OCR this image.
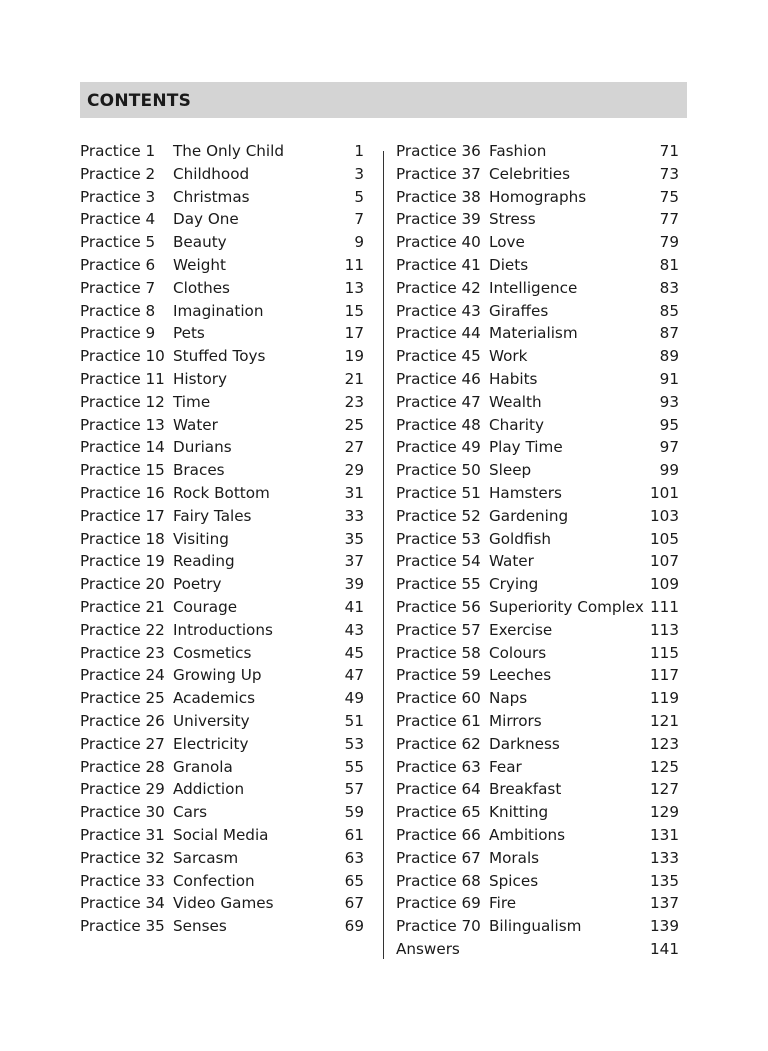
CONTENTS
Practice 1 The Only Child	1
Practice 2 Childhood	3
Practice 3 Christmas	5
Practice 4 Day One	7
Practice 5 Beauty	9
Practice 6 Weight	11
Practice 7 Clothes	13
Practice 8 Imagination	15
Practice 9 Pets	17
Practice 10 Stuffed Toys	19
Practice 11 History	21
Practice 12 Time	23
Practice 13 Water	25
Practice 14 Durians	27
Practice 15 Braces	29
Practice 16 Rock Bottom	31
Practice 17 Fairy Tales	33
Practice 18 Visiting	35
Practice 19 Reading	37
Practice 20 Poetry	39
Practice 21 Courage	41
Practice 22 Introductions	43
Practice 23 Cosmetics	45
Practice 24 Growing Up	47
Practice 25 Academics	49
Practice 26 University	51
Practice 27 Electricity	53
Practice 28 Granola	55
Practice 29 Addiction	57
Practice 30 Cars	59
Practice 31 Social Media	61
Practice 32 Sarcasm	63
Practice 33 Confection	65
Practice 34 Video Games	67
Practice 35 Senses	69
Practice 36 Fashion	71
Practice 37 Celebrities	73
Practice 38 Homographs	75
Practice 39 Stress	77
Practice 40 Love	79
Practice 41 Diets	81
Practice 42 Intelligence	83
Practice 43 Giraffes	85
Practice 44 Materialism	87
Practice 45 Work	89
Practice 46 Habits	91
Practice 47 Wealth	93
Practice 48 Charity	95
Practice 49 Play Time	97
Practice 50 Sleep	99
Practice 51 Hamsters	101
Practice 52 Gardening	103
Practice 53 Goldfish	105
Practice 54 Water	107
Practice 55 Crying	109
Practice 56 Superiority Complex 111
Practice 57 Exercise	113
Practice 58 Colours	115
Practice 59 Leeches	117
Practice 60 Naps	119
Practice 61 Mirrors	121
Practice 62 Darkness	123
Practice 63 Fear	125
Practice 64 Breakfast	127
Practice 65 Knitting	129
Practice 66 Ambitions	131
Practice 67 Morals	133
Practice 68 Spices	135
Practice 69 Fire	137
Practice 70 Bilingualism	139
Answers	141
